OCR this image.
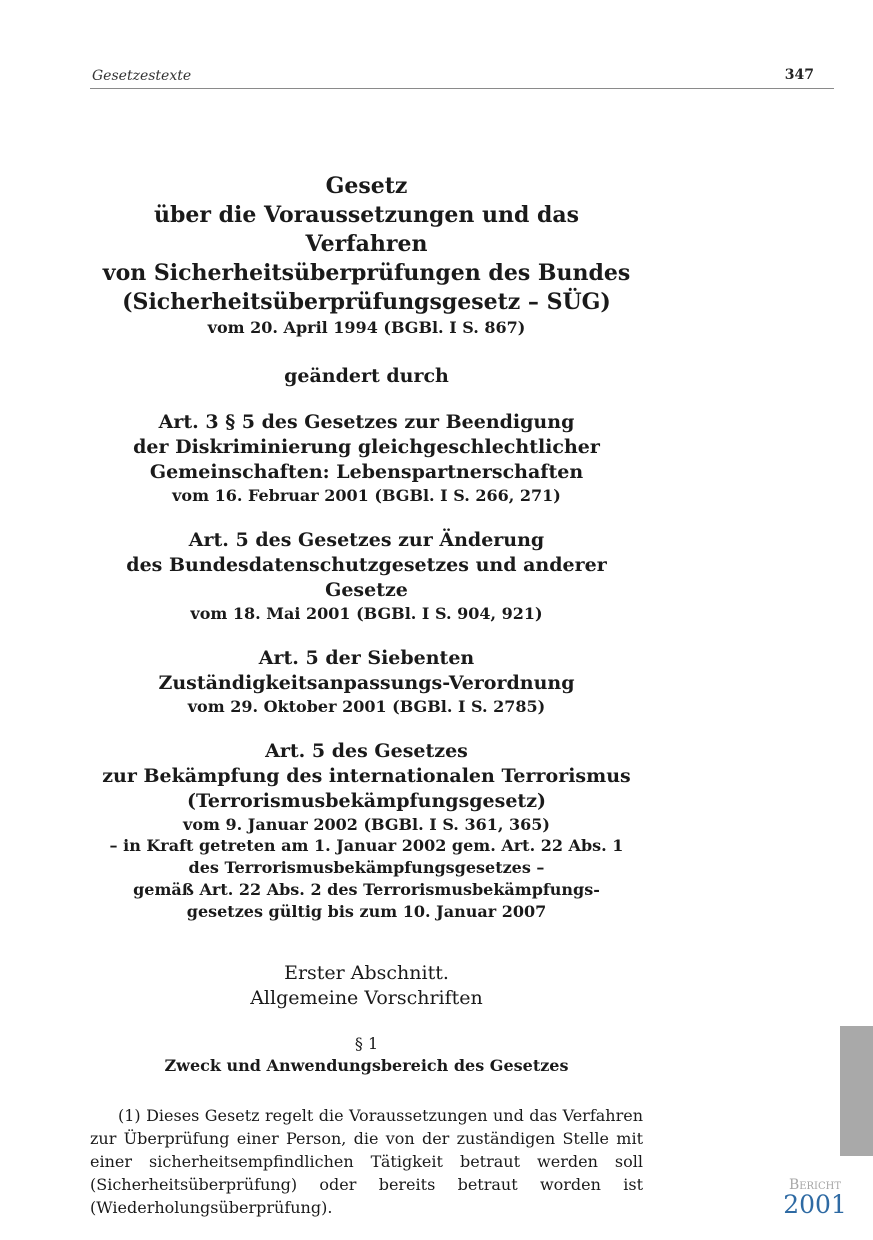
Gesetzestexte	347
Gesetz
über die Voraussetzungen und das Verfahren
von Sicherheitsüberprüfungen des Bundes
(Sicherheitsüberprüfungsgesetz – SÜG)
vom 20. April 1994 (BGBl. I S. 867)
geändert durch
Art. 3 § 5 des Gesetzes zur Beendigung
der Diskriminierung gleichgeschlechtlicher
Gemeinschaften: Lebenspartnerschaften
vom 16. Februar 2001 (BGBl. I S. 266, 271)
Art. 5 des Gesetzes zur Änderung
des Bundesdatenschutzgesetzes und anderer Gesetze
vom 18. Mai 2001 (BGBl. I S. 904, 921)
Art. 5 der Siebenten
Zuständigkeitsanpassungs-Verordnung
vom 29. Oktober 2001 (BGBl. I S. 2785)
Art. 5 des Gesetzes
zur Bekämpfung des internationalen Terrorismus
(Terrorismusbekämpfungsgesetz)
vom 9. Januar 2002 (BGBl. I S. 361, 365)
– in Kraft getreten am 1. Januar 2002 gem. Art. 22 Abs. 1
des Terrorismusbekämpfungsgesetzes –
gemäß Art. 22 Abs. 2 des Terrorismusbekämpfungs-
gesetzes gültig bis zum 10. Januar 2007
Erster Abschnitt.
Allgemeine Vorschriften
§ 1
Zweck und Anwendungsbereich des Gesetzes

(1) Dieses Gesetz regelt die Voraussetzungen und das Verfahren zur Überprüfung einer Person, die von der zuständigen Stelle mit einer sicherheitsempfindlichen Tätigkeit betraut werden soll (Sicherheitsüberprüfung) oder bereits betraut worden ist (Wiederholungsüberprüfung).

Bericht
2001
